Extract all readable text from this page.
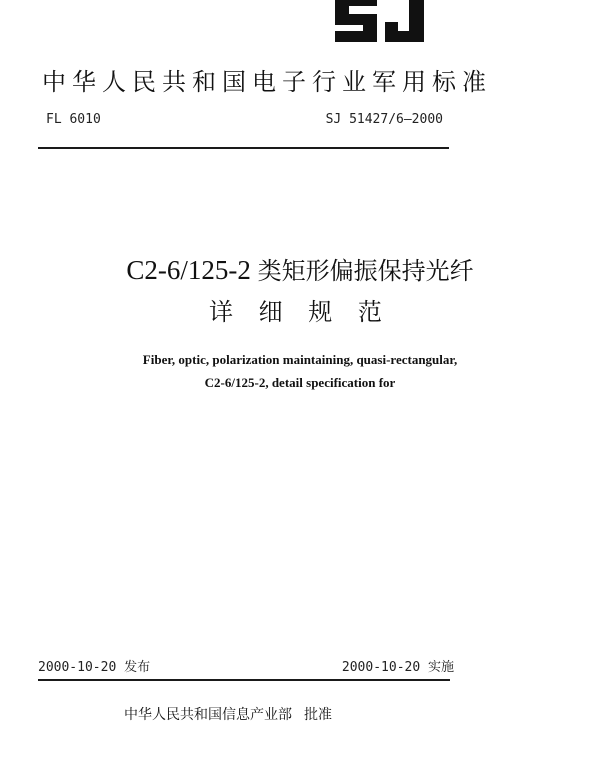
中华人民共和国电子行业军用标准
FL 6010	SJ 51427/6—2000
C2-6/125-2 类矩形偏振保持光纤
详 细 规 范
Fiber, optic, polarization maintaining, quasi-rectangular,
C2-6/125-2, detail specification for
2000-10-20 发布	2000-10-20 实施
中华人民共和国信息产业部 批准
